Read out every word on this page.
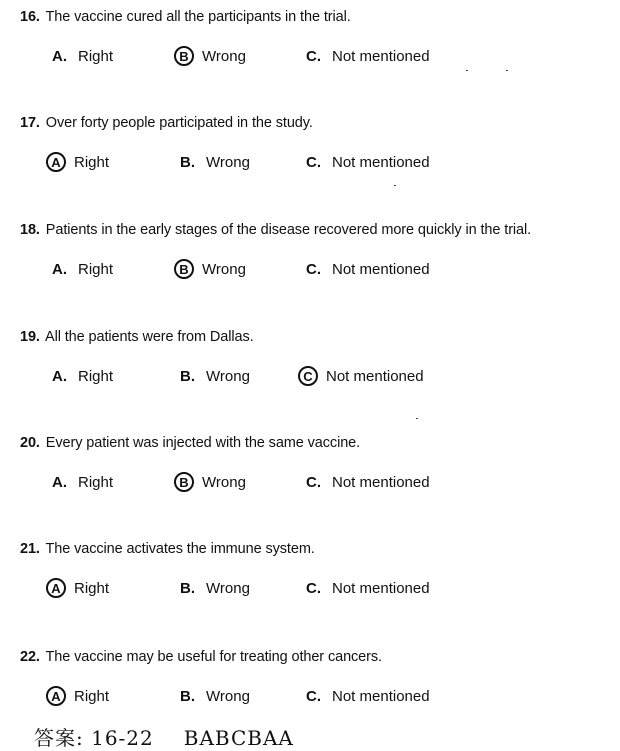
16. The vaccine cured all the participants in the trial.
A. Right	B Wrong	C. Not mentioned
17. Over forty people participated in the study.
A Right	B. Wrong	C. Not mentioned
18. Patients in the early stages of the disease recovered more quickly in the trial.
A. Right	B Wrong	C. Not mentioned
19. All the patients were from Dallas.
A. Right	B. Wrong	C Not mentioned
20. Every patient was injected with the same vaccine.
A. Right	B Wrong	C. Not mentioned
21. The vaccine activates the immune system.
A Right	B. Wrong	C. Not mentioned
22. The vaccine may be useful for treating other cancers.
A Right	B. Wrong	C. Not mentioned
答案: 16-22 BABCBAA
